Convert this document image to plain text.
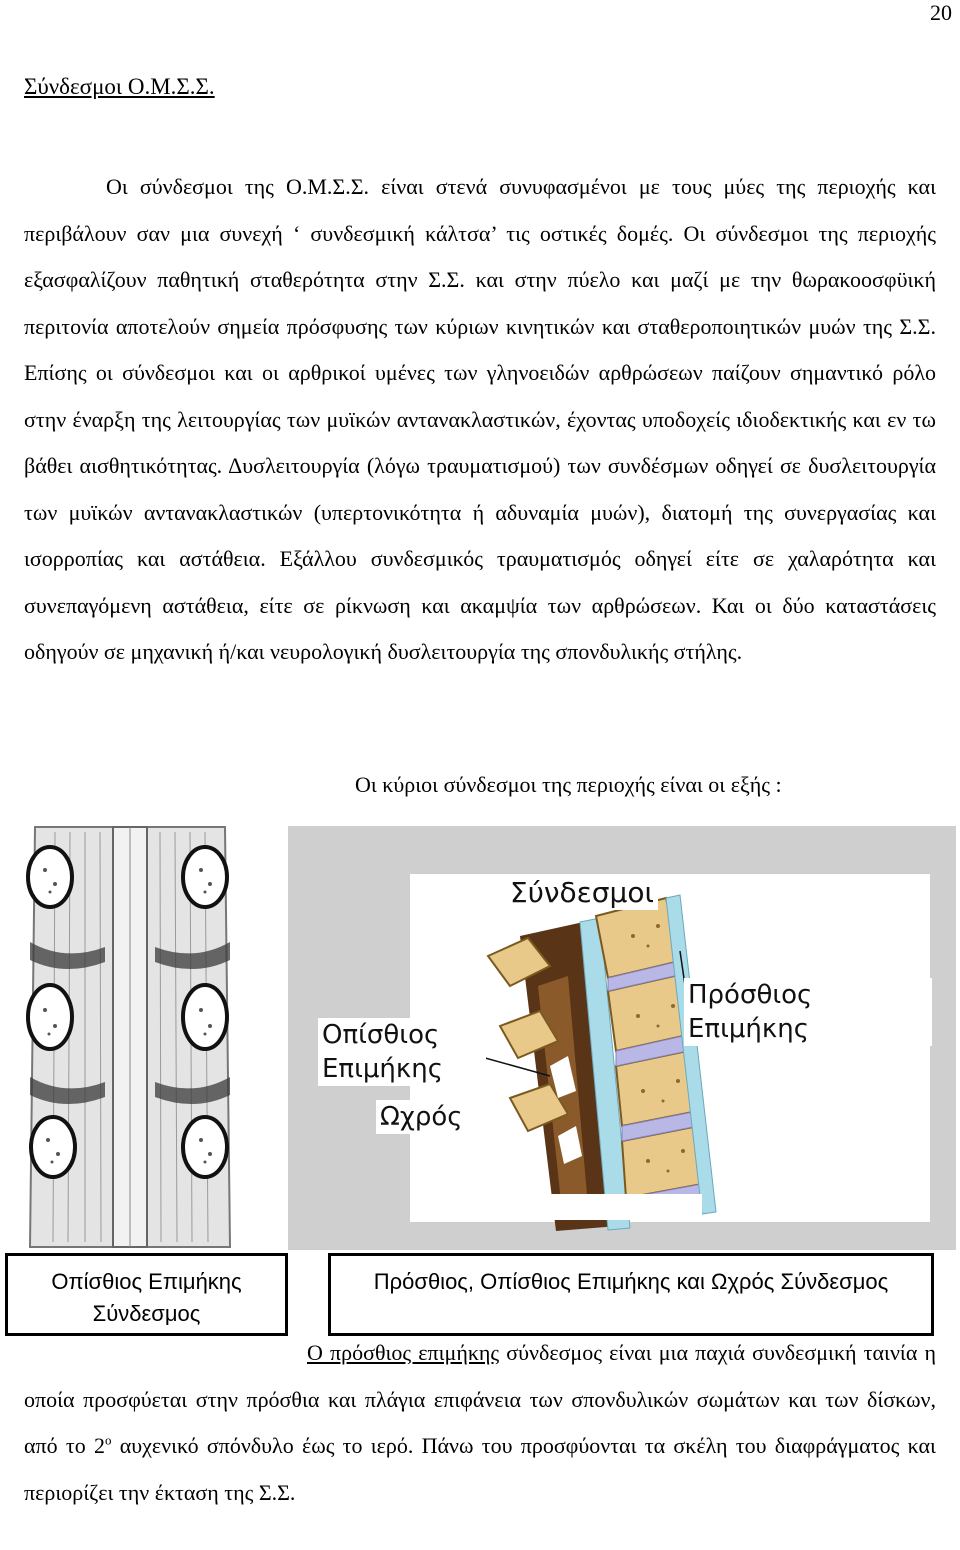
20
Σύνδεσμοι Ο.Μ.Σ.Σ.

Οι σύνδεσμοι της Ο.Μ.Σ.Σ. είναι στενά συνυφασμένοι με τους μύες της περιοχής και περιβάλουν σαν μια συνεχή ‘ συνδεσμική κάλτσα’ τις οστικές δομές. Οι σύνδεσμοι της περιοχής εξασφαλίζουν παθητική σταθερότητα στην Σ.Σ. και στην πύελο και μαζί με την θωρακοοσφϋική περιτονία αποτελούν σημεία πρόσφυσης των κύριων κινητικών και σταθεροποιητικών μυών της Σ.Σ. Επίσης οι σύνδεσμοι και οι αρθρικοί υμένες των γληνοειδών αρθρώσεων παίζουν σημαντικό ρόλο στην έναρξη της λειτουργίας των μυϊκών αντανακλαστικών, έχοντας υποδοχείς ιδιοδεκτικής και εν τω βάθει αισθητικότητας. Δυσλειτουργία (λόγω τραυματισμού) των συνδέσμων οδηγεί σε δυσλειτουργία των μυϊκών αντανακλαστικών (υπερτονικότητα ή αδυναμία μυών), διατομή της συνεργασίας και ισορροπίας και αστάθεια. Εξάλλου συνδεσμικός τραυματισμός οδηγεί είτε σε χαλαρότητα και συνεπαγόμενη αστάθεια, είτε σε ρίκνωση και ακαμψία των αρθρώσεων. Και οι δύο καταστάσεις οδηγούν σε μηχανική ή/και νευρολογική δυσλειτουργία της σπονδυλικής στήλης.

Οι κύριοι σύνδεσμοι της περιοχής είναι οι εξής :
Σύνδεσμοι
Πρόσθιος Επιμήκης
Οπίσθιος Επιμήκης
Ωχρός
Οπίσθιος Επιμήκης Σύνδεσμος
Πρόσθιος, Οπίσθιος Επιμήκης και Ωχρός Σύνδεσμος

Ο πρόσθιος επιμήκης σύνδεσμος είναι μια παχιά συνδεσμική ταινία η οποία προσφύεται στην πρόσθια και πλάγια επιφάνεια των σπονδυλικών σωμάτων και των δίσκων, από το $2^o$ αυχενικό σπόνδυλο έως το ιερό. Πάνω του προσφύονται τα σκέλη του διαφράγματος και περιορίζει την έκταση της Σ.Σ.
